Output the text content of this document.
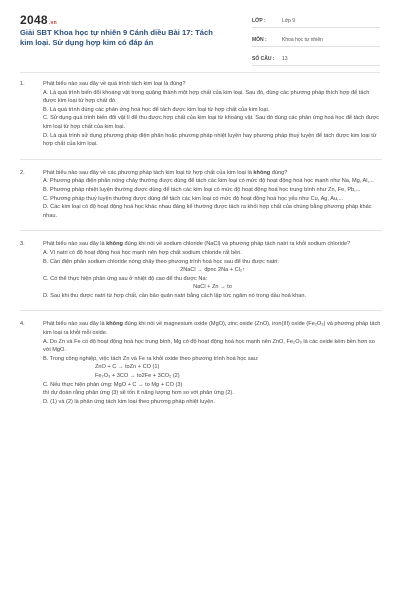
2048.vn
Giải SBT Khoa học tự nhiên 9 Cánh diều Bài 17: Tách kim loại. Sử dụng hợp kim có đáp án
LỚP :	Lớp 9
MÔN :	Khoa học tự nhiên
SỐ CÂU :	13
1.	Phát biểu nào sau đây về quá trình tách kim loại là đúng?
A. Là quá trình biến đổi khoáng vật trong quặng thành một hợp chất của kim loại. Sau đó, dùng các phương pháp thích hợp để tách được kim loại từ hợp chất đó.
B. Là quá trình dùng các phản ứng hoá học để tách được kim loại từ hợp chất của kim loại.
C. Sử dụng quá trình biến đổi vật lí để thu được hợp chất của kim loại từ khoáng vật. Sau đó dùng các phản ứng hoá học để tách được kim loại từ hợp chất của kim loại.
D. Là quá trình sử dụng phương pháp điện phân hoặc phương pháp nhiệt luyện hay phương pháp thuỷ luyện để tách được kim loại từ hợp chất của kim loại.
2.	Phát biểu nào sau đây về các phương pháp tách kim loại từ hợp chất của kim loại là không đúng?
A. Phương pháp điện phân nóng chảy thường được dùng để tách các kim loại có mức độ hoạt động hoá học mạnh như Na, Mg, Al,...
B. Phương pháp nhiệt luyện thường được dùng để tách các kim loại có mức độ hoạt động hoá học trung bình như Zn, Fe, Pb,...
C. Phương pháp thuỷ luyện thường được dùng để tách các kim loại có mức độ hoạt động hoá học yếu như Cu, Ag, Au,...
D. Các kim loại có độ hoạt động hoá học khác nhau đáng kể thường được tách ra khỏi hợp chất của chúng bằng phương pháp khác nhau.
3.	Phát biểu nào sau đây là không đúng khi nói về sodium chloride (NaCl) và phương pháp tách natri ra khỏi sodium chloride?
A. Vì natri có độ hoạt động hoá học mạnh nên hợp chất sodium chloride rất bền.
B. Cần điện phân sodium chloride nóng chảy theo phương trình hoá học sau để thu được natri:
2NaCl → đpnc 2Na + Cl₂↑
C. Có thể thực hiện phản ứng sau ở nhiệt độ cao để thu được Na:
NaCl + Zn → to
D. Sau khi thu được natri từ hợp chất, cần bảo quản natri bằng cách lập tức ngâm nó trong dầu hoả khan.
4.	Phát biểu nào sau đây là không đúng khi nói về magnesium oxide (MgO), zinc oxide (ZnO), iron(III) oxide (Fe₂O₃) và phương pháp tách kim loại ra khỏi mỗi oxide.
A. Do Zn và Fe có độ hoạt động hoá học trung bình, Mg có độ hoạt động hoá học mạnh nên ZnO, Fe₂O₃ là các oxide kém bền hơn so với MgO.
B. Trong công nghiệp, việc tách Zn và Fe ra khỏi oxide theo phương trình hoá học sau:
ZnO + C → toZn + CO (1)
Fe₂O₃ + 3CO → to2Fe + 3CO₂ (2)
C. Nếu thực hiện phản ứng: MgO + C → to Mg + CO (3)
thì dự đoán rằng phản ứng (3) sẽ tốn ít năng lượng hơn so với phản ứng (2).
D. (1) và (2) là phản ứng tách kim loại theo phương pháp nhiệt luyện.
